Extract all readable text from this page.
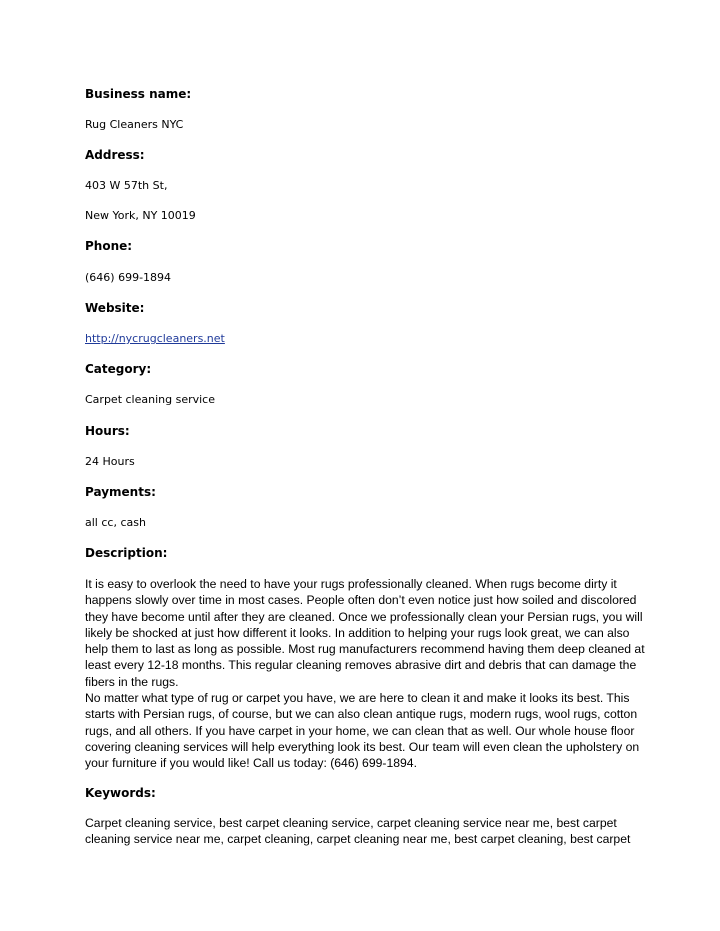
Business name:
Rug Cleaners NYC
Address:
403 W 57th St,
New York, NY 10019
Phone:
(646) 699-1894
Website:
http://nycrugcleaners.net
Category:
Carpet cleaning service
Hours:
24 Hours
Payments:
all cc, cash
Description:
It is easy to overlook the need to have your rugs professionally cleaned. When rugs become dirty it
happens slowly over time in most cases. People often don’t even notice just how soiled and discolored
they have become until after they are cleaned. Once we professionally clean your Persian rugs, you will
likely be shocked at just how different it looks. In addition to helping your rugs look great, we can also
help them to last as long as possible. Most rug manufacturers recommend having them deep cleaned at
least every 12-18 months. This regular cleaning removes abrasive dirt and debris that can damage the
fibers in the rugs.
No matter what type of rug or carpet you have, we are here to clean it and make it looks its best. This
starts with Persian rugs, of course, but we can also clean antique rugs, modern rugs, wool rugs, cotton
rugs, and all others. If you have carpet in your home, we can clean that as well. Our whole house floor
covering cleaning services will help everything look its best. Our team will even clean the upholstery on
your furniture if you would like! Call us today: (646) 699-1894.
Keywords:
Carpet cleaning service, best carpet cleaning service, carpet cleaning service near me, best carpet
cleaning service near me, carpet cleaning, carpet cleaning near me, best carpet cleaning, best carpet
